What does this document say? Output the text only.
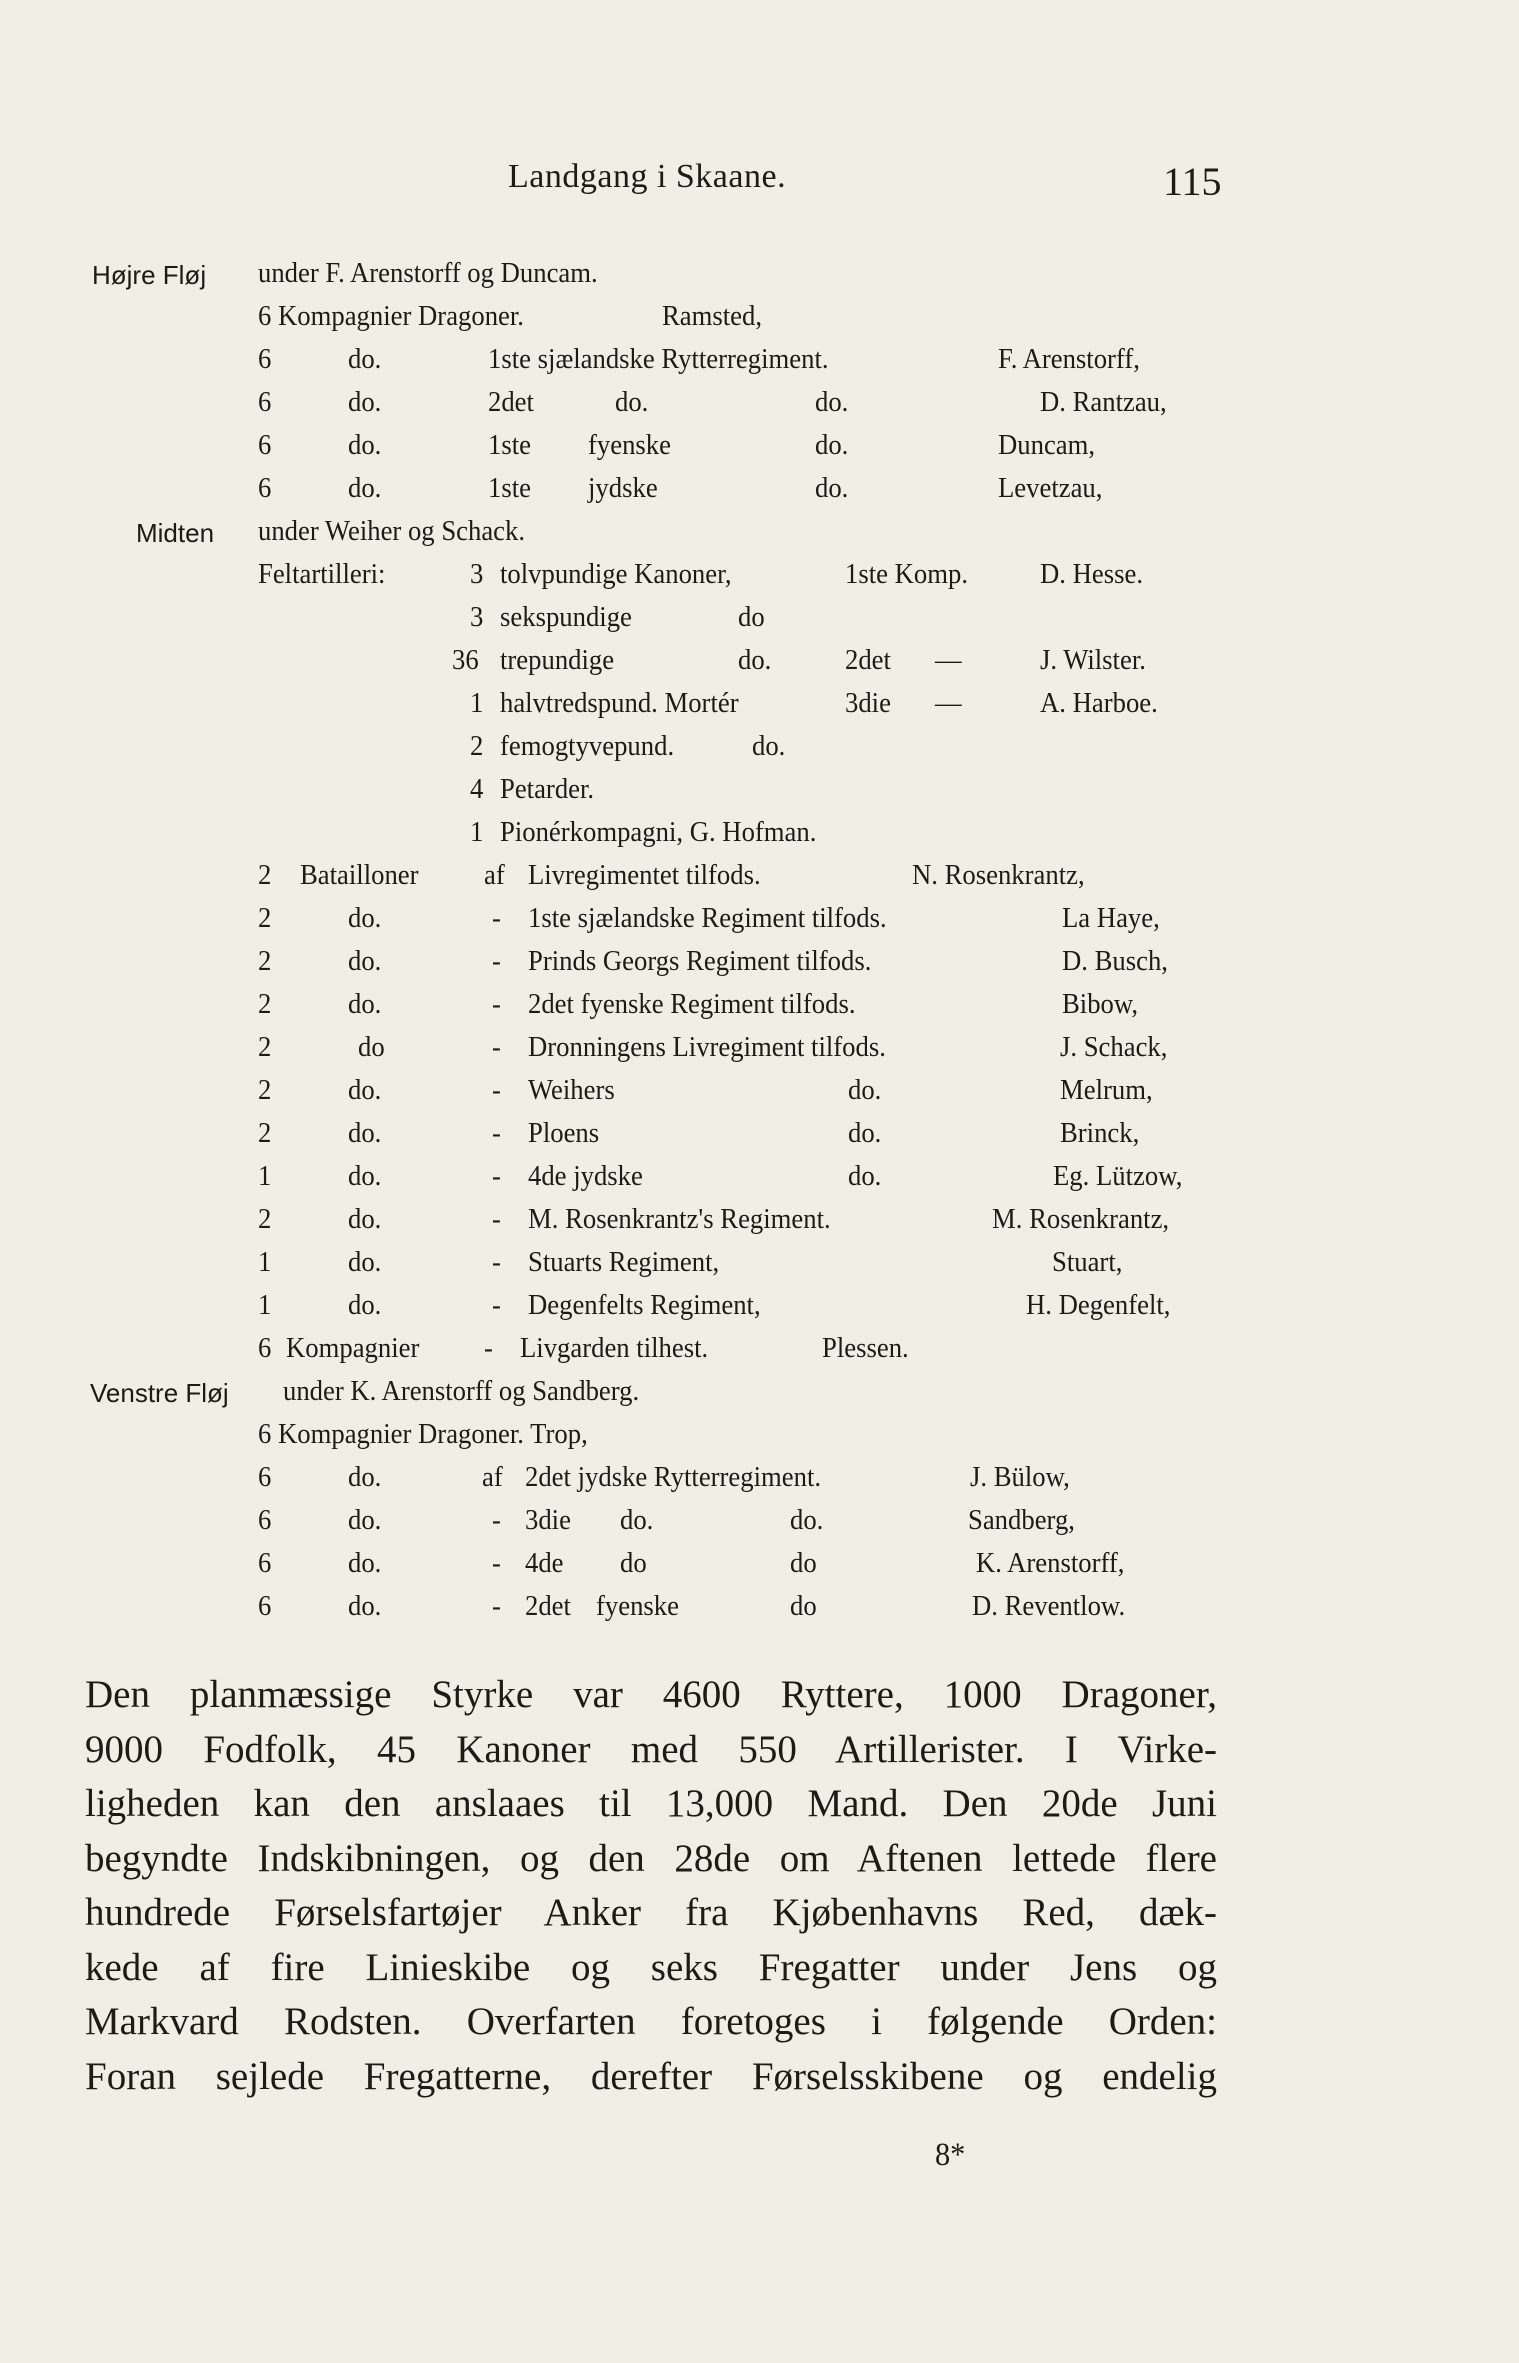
Landgang i Skaane.	115
Højre Fløj under F. Arenstorff og Duncam.
6 Kompagnier Dragoner.	Ramsted,
6	do.	1ste sjælandske Rytterregiment.	F. Arenstorff,
6	do.	2det	do.	do.	D. Rantzau,
6	do.	1ste fyenske	do.	Duncam,
6	do.	1ste jydske	do.	Levetzau,
Midten under Weiher og Schack.
Feltartilleri:	3 tolvpundige Kanoner,	1ste Komp. D. Hesse.
3 sekspundige	do
36 trepundige	do.	2det —	J. Wilster.
1 halvtredspund. Mortér	3die —	A. Harboe.
2 femogtyvepund.	do.
4 Petarder.
1 Pionérkompagni, G. Hofman.
2 Batailloner af Livregimentet tilfods.	N. Rosenkrantz,
2	do.	- 1ste sjælandske Regiment tilfods.	La Haye,
2	do.	- Prinds Georgs Regiment tilfods.	D. Busch,
2	do.	- 2det fyenske Regiment tilfods.	Bibow,
2	do	- Dronningens Livregiment tilfods.	J. Schack,
2	do.	- Weihers	do.	Melrum,
2	do.	- Ploens	do.	Brinck,
1	do.	- 4de jydske	do.	Eg. Lützow,
2	do.	- M. Rosenkrantz's Regiment.	M. Rosenkrantz,
1	do.	- Stuarts Regiment,	Stuart,
1	do.	- Degenfelts Regiment,	H. Degenfelt,
6 Kompagnier - Livgarden tilhest.	Plessen.
Venstre Fløj under K. Arenstorff og Sandberg.
6 Kompagnier Dragoner. Trop,
6	do.	af 2det jydske Rytterregiment.	J. Bülow,
6	do.	- 3die do.	do.	Sandberg,
6	do.	- 4de do	do	K. Arenstorff,
6	do.	- 2det fyenske	do	D. Reventlow.
Den planmæssige Styrke var 4600 Ryttere, 1000 Dragoner,
9000 Fodfolk, 45 Kanoner med 550 Artillerister. I Virke-
ligheden kan den anslaaes til 13,000 Mand. Den 20de Juni
begyndte Indskibningen, og den 28de om Aftenen lettede flere
hundrede Førselsfartøjer Anker fra Kjøbenhavns Red, dæk-
kede af fire Linieskibe og seks Fregatter under Jens og
Markvard Rodsten. Overfarten foretoges i følgende Orden:
Foran sejlede Fregatterne, derefter Førselsskibene og endelig
8*
